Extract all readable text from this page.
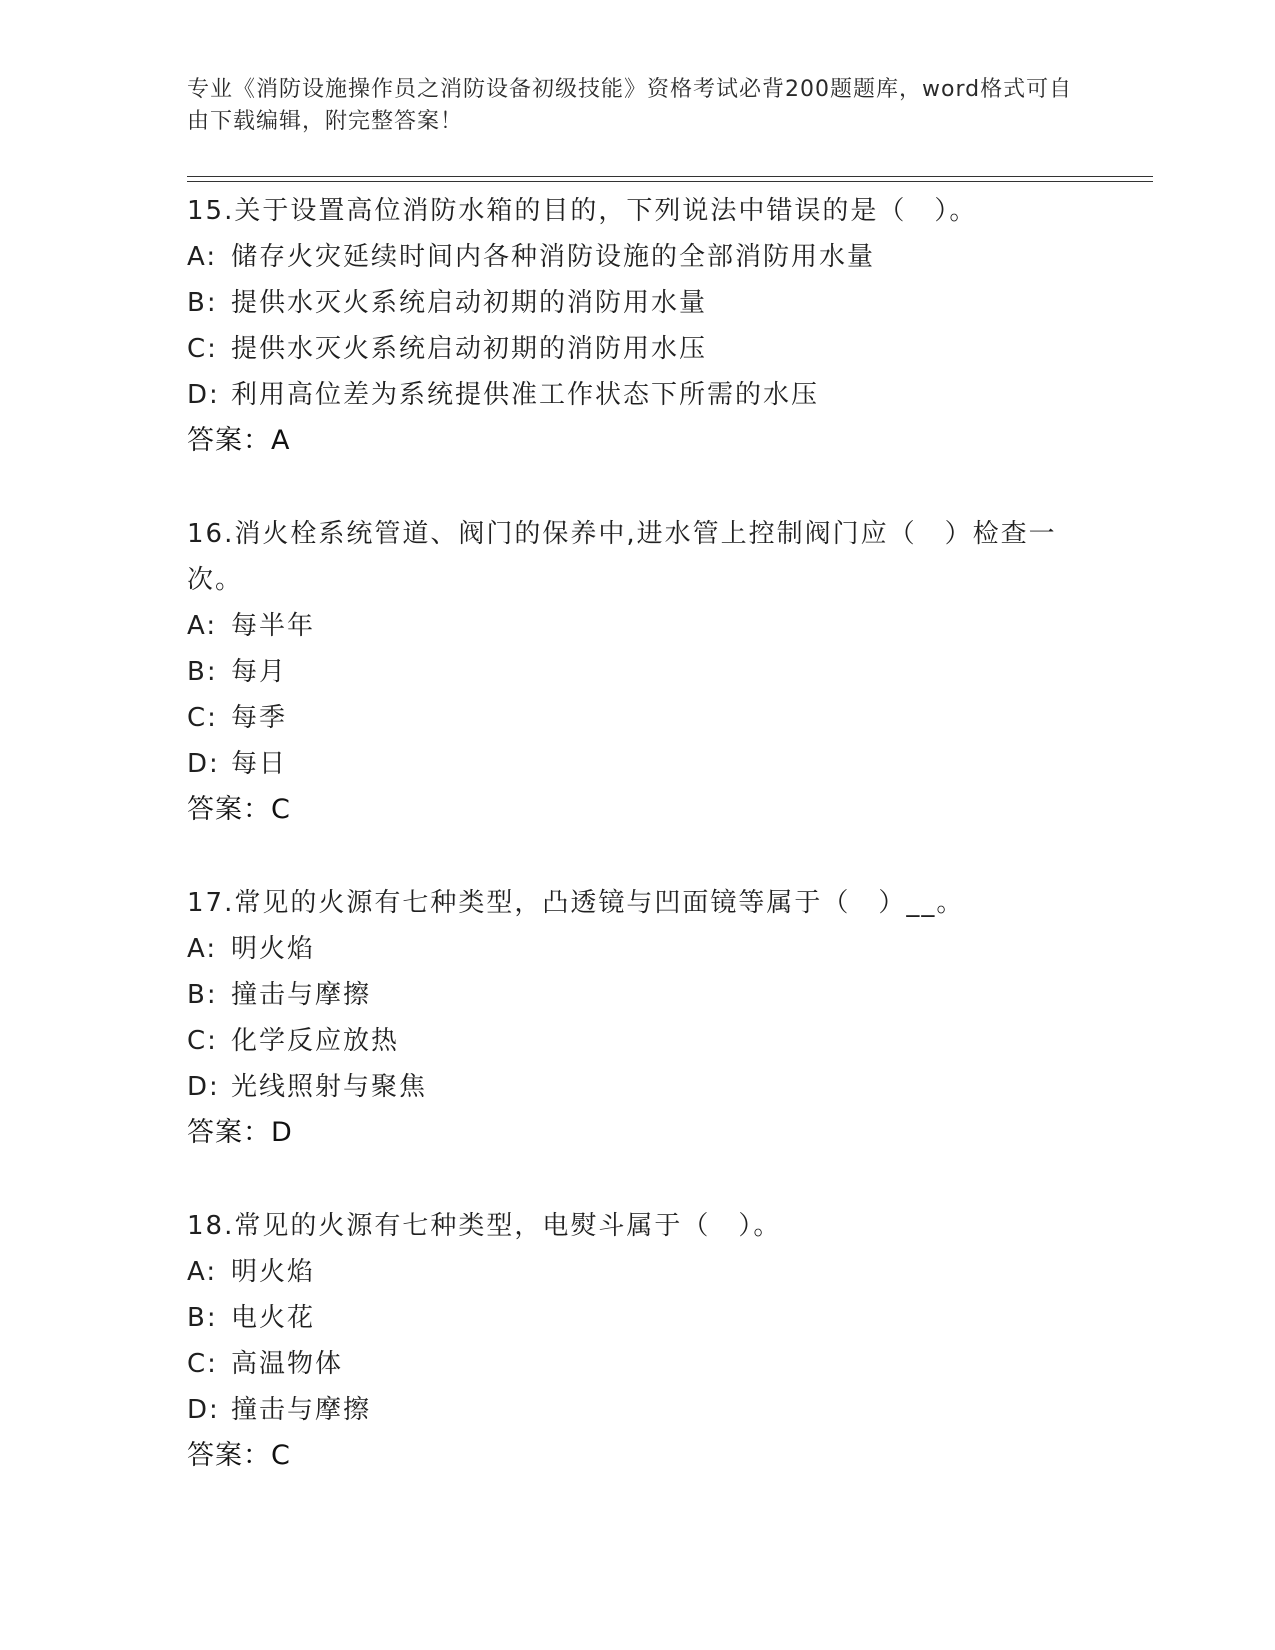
专业《消防设施操作员之消防设备初级技能》资格考试必背200题题库，word格式可自由下载编辑，附完整答案！
15.关于设置高位消防水箱的目的，下列说法中错误的是（　）。
A: 储存火灾延续时间内各种消防设施的全部消防用水量
B: 提供水灭火系统启动初期的消防用水量
C: 提供水灭火系统启动初期的消防用水压
D: 利用高位差为系统提供准工作状态下所需的水压
答案：A
16.消火栓系统管道、阀门的保养中,进水管上控制阀门应（　）检查一次。
A: 每半年
B: 每月
C: 每季
D: 每日
答案：C
17.常见的火源有七种类型，凸透镜与凹面镜等属于（　）__。
A: 明火焰
B: 撞击与摩擦
C: 化学反应放热
D: 光线照射与聚焦
答案：D
18.常见的火源有七种类型，电熨斗属于（　）。
A: 明火焰
B: 电火花
C: 高温物体
D: 撞击与摩擦
答案：C
